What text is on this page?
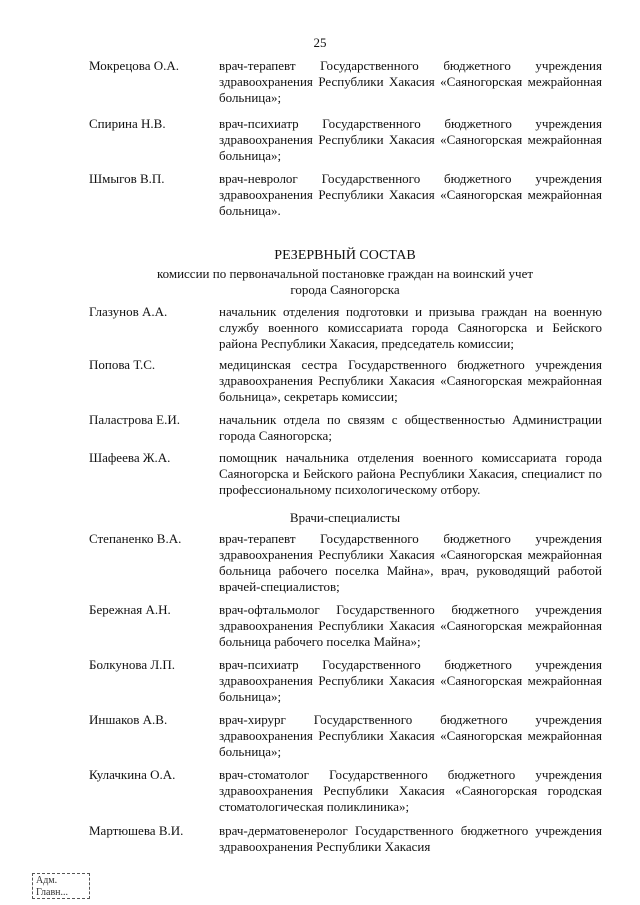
25
Мокрецова О.А.	врач-терапевт Государственного бюджетного учреждения здравоохранения Республики Хакасия «Саяногорская межрайонная больница»;
Спирина Н.В.	врач-психиатр Государственного бюджетного учреждения здравоохранения Республики Хакасия «Саяногорская межрайонная больница»;
Шмыгов В.П.	врач-невролог Государственного бюджетного учреждения здравоохранения Республики Хакасия «Саяногорская межрайонная больница».
РЕЗЕРВНЫЙ СОСТАВ
комиссии по первоначальной постановке граждан на воинский учет
города Саяногорска
Глазунов А.А.	начальник отделения подготовки и призыва граждан на военную службу военного комиссариата города Саяногорска и Бейского района Республики Хакасия, председатель комиссии;
Попова Т.С.	медицинская сестра Государственного бюджетного учреждения здравоохранения Республики Хакасия «Саяногорская межрайонная больница», секретарь комиссии;
Паластрова Е.И.	начальник отдела по связям с общественностью Администрации города Саяногорска;
Шафеева Ж.А.	помощник начальника отделения военного комиссариата города Саяногорска и Бейского района Республики Хакасия, специалист по профессиональному психологическому отбору.
Врачи-специалисты
Степаненко В.А.	врач-терапевт Государственного бюджетного учреждения здравоохранения Республики Хакасия «Саяногорская межрайонная больница рабочего поселка Майна», врач, руководящий работой врачей-специалистов;
Бережная А.Н.	врач-офтальмолог Государственного бюджетного учреждения здравоохранения Республики Хакасия «Саяногорская межрайонная больница рабочего поселка Майна»;
Болкунова Л.П.	врач-психиатр Государственного бюджетного учреждения здравоохранения Республики Хакасия «Саяногорская межрайонная больница»;
Иншаков А.В.	врач-хирург Государственного бюджетного учреждения здравоохранения Республики Хакасия «Саяногорская межрайонная больница»;
Кулачкина О.А.	врач-стоматолог Государственного бюджетного учреждения здравоохранения Республики Хакасия «Саяногорская городская стоматологическая поликлиника»;
Мартюшева В.И.	врач-дерматовенеролог Государственного бюджетного учреждения здравоохранения Республики Хакасия
Адм.
Главн...
